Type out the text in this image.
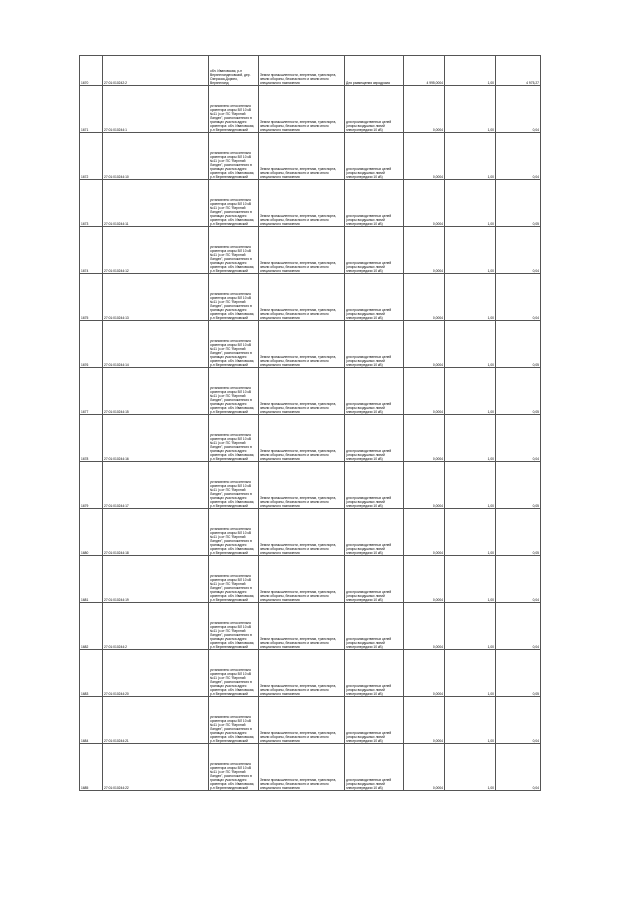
1670	27:01:010242:2	обл. Ивановская, р-н Верхнеландеховский, дер. Озерская-Дорино, Верхнеланд	Земли промышленности, энергетики, транспорта, земли обороны, безопасности и земли иного специального назначения	Для размещения аэродрома	4 995,0004	1,00	4 975,27
1671	27:01:010244:1	установлено относительно ориентира опоры ВЛ 10 кВ №11 (з от ПС "Верхний Ландех", расположенного в границах участка адрес ориентира: обл. Ивановская, р-н Верхнеландеховский	Земли промышленности, энергетики, транспорта, земли обороны, безопасности и земли иного специального назначения	для производственных целей (опоры воздушных линий электропередачи 10 кВ)	0,0004	1,00	0,04
1672	27:01:010244:10	установлено относительно ориентира опоры ВЛ 10 кВ №11 (з от ПС "Верхний Ландех", расположенного в границах участка адрес ориентира: обл. Ивановская, р-н Верхнеландеховский	Земли промышленности, энергетики, транспорта, земли обороны, безопасности и земли иного специального назначения	для производственных целей (опоры воздушных линий электропередачи 10 кВ)	0,0004	1,00	0,04
1673	27:01:010244:11	установлено относительно ориентира опоры ВЛ 10 кВ №11 (з от ПС "Верхний Ландех", расположенного в границах участка адрес ориентира: обл. Ивановская, р-н Верхнеландеховский	Земли промышленности, энергетики, транспорта, земли обороны, безопасности и земли иного специального назначения	для производственных целей (опоры воздушных линий электропередачи 10 кВ)	0,0004	1,00	0,05
1674	27:01:010244:12	установлено относительно ориентира опоры ВЛ 10 кВ №11 (з от ПС "Верхний Ландех", расположенного в границах участка адрес ориентира: обл. Ивановская, р-н Верхнеландеховский	Земли промышленности, энергетики, транспорта, земли обороны, безопасности и земли иного специального назначения	для производственных целей (опоры воздушных линий электропередачи 10 кВ)	0,0004	1,00	0,04
1675	27:01:010244:13	установлено относительно ориентира опоры ВЛ 10 кВ №11 (з от ПС "Верхний Ландех", расположенного в границах участка адрес ориентира: обл. Ивановская, р-н Верхнеландеховский	Земли промышленности, энергетики, транспорта, земли обороны, безопасности и земли иного специального назначения	для производственных целей (опоры воздушных линий электропередачи 10 кВ)	0,0004	1,00	0,04
1676	27:01:010244:14	установлено относительно ориентира опоры ВЛ 10 кВ №11 (з от ПС "Верхний Ландех", расположенного в границах участка адрес ориентира: обл. Ивановская, р-н Верхнеландеховский	Земли промышленности, энергетики, транспорта, земли обороны, безопасности и земли иного специального назначения	для производственных целей (опоры воздушных линий электропередачи 10 кВ)	0,0004	1,00	0,05
1677	27:01:010244:15	установлено относительно ориентира опоры ВЛ 10 кВ №11 (з от ПС "Верхний Ландех", расположенного в границах участка адрес ориентира: обл. Ивановская, р-н Верхнеландеховский	Земли промышленности, энергетики, транспорта, земли обороны, безопасности и земли иного специального назначения	для производственных целей (опоры воздушных линий электропередачи 10 кВ)	0,0004	1,00	0,05
1678	27:01:010244:16	установлено относительно ориентира опоры ВЛ 10 кВ №11 (з от ПС "Верхний Ландех", расположенного в границах участка адрес ориентира: обл. Ивановская, р-н Верхнеландеховский	Земли промышленности, энергетики, транспорта, земли обороны, безопасности и земли иного специального назначения	для производственных целей (опоры воздушных линий электропередачи 10 кВ)	0,0004	1,00	0,04
1679	27:01:010244:17	установлено относительно ориентира опоры ВЛ 10 кВ №11 (з от ПС "Верхний Ландех", расположенного в границах участка адрес ориентира: обл. Ивановская, р-н Верхнеландеховский	Земли промышленности, энергетики, транспорта, земли обороны, безопасности и земли иного специального назначения	для производственных целей (опоры воздушных линий электропередачи 10 кВ)	0,0004	1,00	0,05
1680	27:01:010244:18	установлено относительно ориентира опоры ВЛ 10 кВ №11 (з от ПС "Верхний Ландех", расположенного в границах участка адрес ориентира: обл. Ивановская, р-н Верхнеландеховский	Земли промышленности, энергетики, транспорта, земли обороны, безопасности и земли иного специального назначения	для производственных целей (опоры воздушных линий электропередачи 10 кВ)	0,0004	1,00	0,05
1681	27:01:010244:19	установлено относительно ориентира опоры ВЛ 10 кВ №11 (з от ПС "Верхний Ландех", расположенного в границах участка адрес ориентира: обл. Ивановская, р-н Верхнеландеховский	Земли промышленности, энергетики, транспорта, земли обороны, безопасности и земли иного специального назначения	для производственных целей (опоры воздушных линий электропередачи 10 кВ)	0,0004	1,00	0,04
1682	27:01:010244:2	установлено относительно ориентира опоры ВЛ 10 кВ №11 (з от ПС "Верхний Ландех", расположенного в границах участка адрес ориентира: обл. Ивановская, р-н Верхнеландеховский	Земли промышленности, энергетики, транспорта, земли обороны, безопасности и земли иного специального назначения	для производственных целей (опоры воздушных линий электропередачи 10 кВ)	0,0004	1,00	0,04
1683	27:01:010244:20	установлено относительно ориентира опоры ВЛ 10 кВ №11 (з от ПС "Верхний Ландех", расположенного в границах участка адрес ориентира: обл. Ивановская, р-н Верхнеландеховский	Земли промышленности, энергетики, транспорта, земли обороны, безопасности и земли иного специального назначения	для производственных целей (опоры воздушных линий электропередачи 10 кВ)	0,0004	1,00	0,05
1684	27:01:010244:21	установлено относительно ориентира опоры ВЛ 10 кВ №11 (з от ПС "Верхний Ландех", расположенного в границах участка адрес ориентира: обл. Ивановская, р-н Верхнеландеховский	Земли промышленности, энергетики, транспорта, земли обороны, безопасности и земли иного специального назначения	для производственных целей (опоры воздушных линий электропередачи 10 кВ)	0,0004	1,00	0,04
1685	27:01:010244:22	установлено относительно ориентира опоры ВЛ 10 кВ №11 (з от ПС "Верхний Ландех", расположенного в границах участка адрес ориентира: обл. Ивановская, р-н Верхнеландеховский	Земли промышленности, энергетики, транспорта, земли обороны, безопасности и земли иного специального назначения	для производственных целей (опоры воздушных линий электропередачи 10 кВ)	0,0004	1,00	0,04
